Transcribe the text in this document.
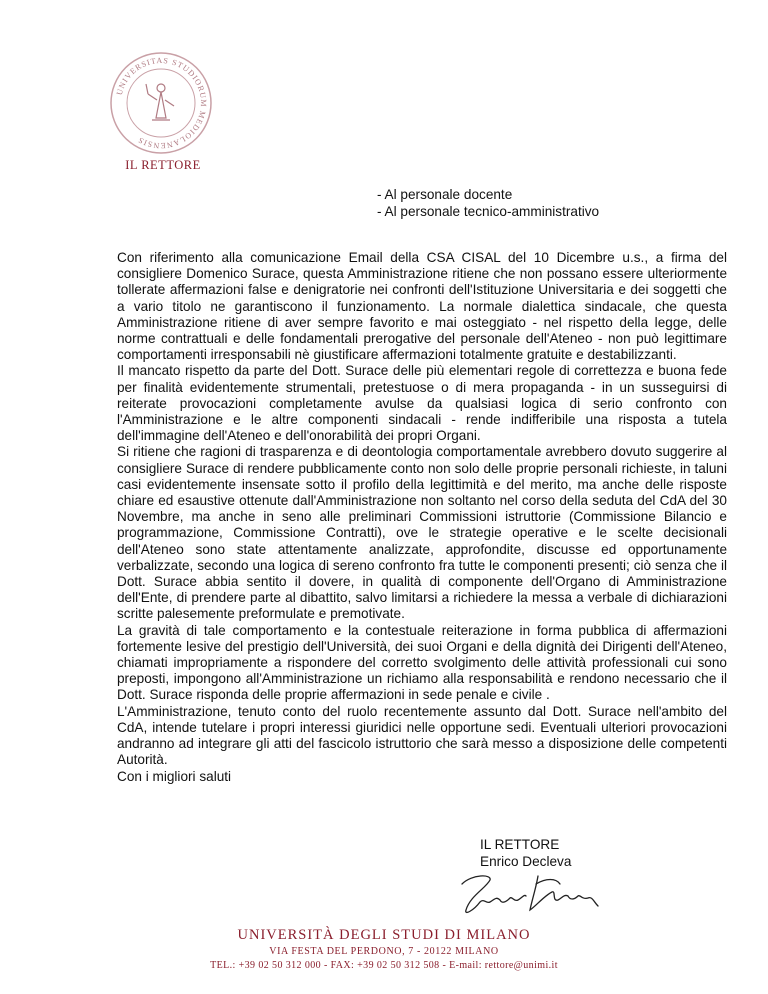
UNIVERSITAS STUDIORUM MEDIOLANENSIS
IL RETTORE
- Al personale docente
- Al personale tecnico-amministrativo

Con riferimento alla comunicazione Email della CSA CISAL del 10 Dicembre u.s., a firma del consigliere Domenico Surace, questa Amministrazione ritiene che non possano essere ulteriormente tollerate affermazioni false e denigratorie nei confronti dell'Istituzione Universitaria e dei soggetti che a vario titolo ne garantiscono il funzionamento. La normale dialettica sindacale, che questa Amministrazione ritiene di aver sempre favorito e mai osteggiato - nel rispetto della legge, delle norme contrattuali e delle fondamentali prerogative del personale dell'Ateneo - non può legittimare comportamenti irresponsabili nè giustificare affermazioni totalmente gratuite e destabilizzanti.

Il mancato rispetto da parte del Dott. Surace delle più elementari regole di correttezza e buona fede per finalità evidentemente strumentali, pretestuose o di mera propaganda - in un susseguirsi di reiterate provocazioni completamente avulse da qualsiasi logica di serio confronto con l'Amministrazione e le altre componenti sindacali - rende indifferibile una risposta a tutela dell'immagine dell'Ateneo e dell'onorabilità dei propri Organi.

Si ritiene che ragioni di trasparenza e di deontologia comportamentale avrebbero dovuto suggerire al consigliere Surace di rendere pubblicamente conto non solo delle proprie personali richieste, in taluni casi evidentemente insensate sotto il profilo della legittimità e del merito, ma anche delle risposte chiare ed esaustive ottenute dall'Amministrazione non soltanto nel corso della seduta del CdA del 30 Novembre, ma anche in seno alle preliminari Commissioni istruttorie (Commissione Bilancio e programmazione, Commissione Contratti), ove le strategie operative e le scelte decisionali dell'Ateneo sono state attentamente analizzate, approfondite, discusse ed opportunamente verbalizzate, secondo una logica di sereno confronto fra tutte le componenti presenti; ciò senza che il Dott. Surace abbia sentito il dovere, in qualità di componente dell'Organo di Amministrazione dell'Ente, di prendere parte al dibattito, salvo limitarsi a richiedere la messa a verbale di dichiarazioni scritte palesemente preformulate e premotivate.

La gravità di tale comportamento e la contestuale reiterazione in forma pubblica di affermazioni fortemente lesive del prestigio dell'Università, dei suoi Organi e della dignità dei Dirigenti dell'Ateneo, chiamati impropriamente a rispondere del corretto svolgimento delle attività professionali cui sono preposti, impongono all'Amministrazione un richiamo alla responsabilità e rendono necessario che il Dott. Surace risponda delle proprie affermazioni in sede penale e civile .

L'Amministrazione, tenuto conto del ruolo recentemente assunto dal Dott. Surace nell'ambito del CdA, intende tutelare i propri interessi giuridici nelle opportune sedi. Eventuali ulteriori provocazioni andranno ad integrare gli atti del fascicolo istruttorio che sarà messo a disposizione delle competenti Autorità.

Con i migliori saluti

IL RETTORE
Enrico Decleva
UNIVERSITÀ DEGLI STUDI DI MILANO
VIA FESTA DEL PERDONO, 7 - 20122 MILANO
TEL.: +39 02 50 312 000 - FAX: +39 02 50 312 508 - E-mail: rettore@unimi.it
